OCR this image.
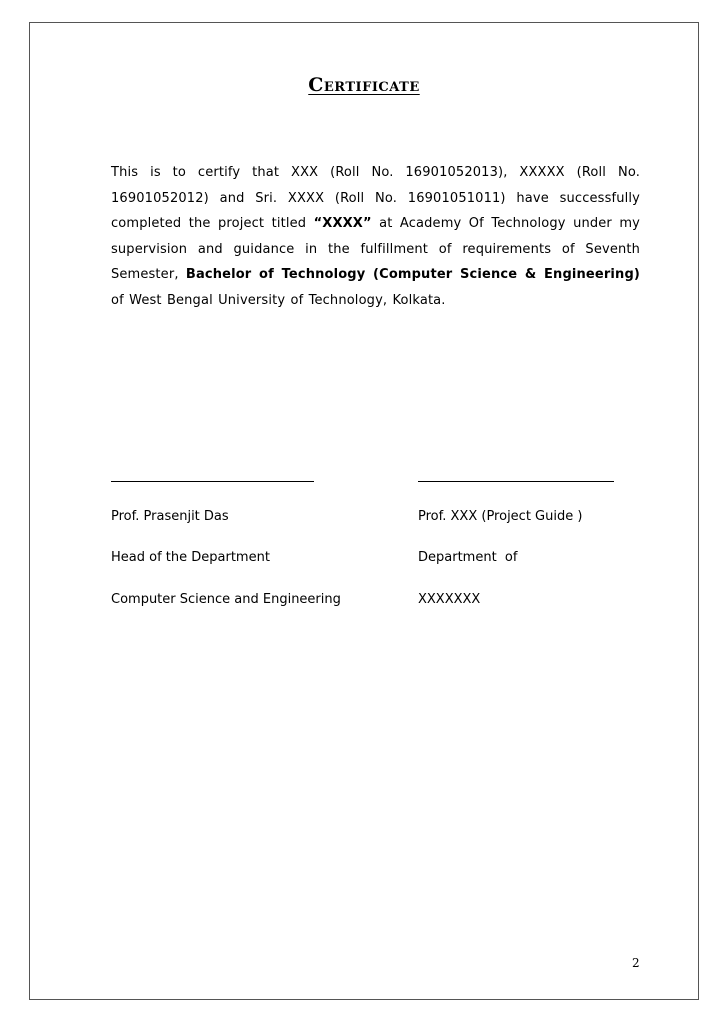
Certificate
This is to certify that XXX (Roll No. 16901052013), XXXXX (Roll No. 16901052012) and Sri. XXXX (Roll No. 16901051011) have successfully completed the project titled “XXXX” at Academy Of Technology under my supervision and guidance in the fulfillment of requirements of Seventh Semester, Bachelor of Technology (Computer Science & Engineering) of West Bengal University of Technology, Kolkata.
Prof. Prasenjit Das
Head of the Department
Computer Science and Engineering
Prof. XXX (Project Guide )
Department  of
XXXXXXX
2
